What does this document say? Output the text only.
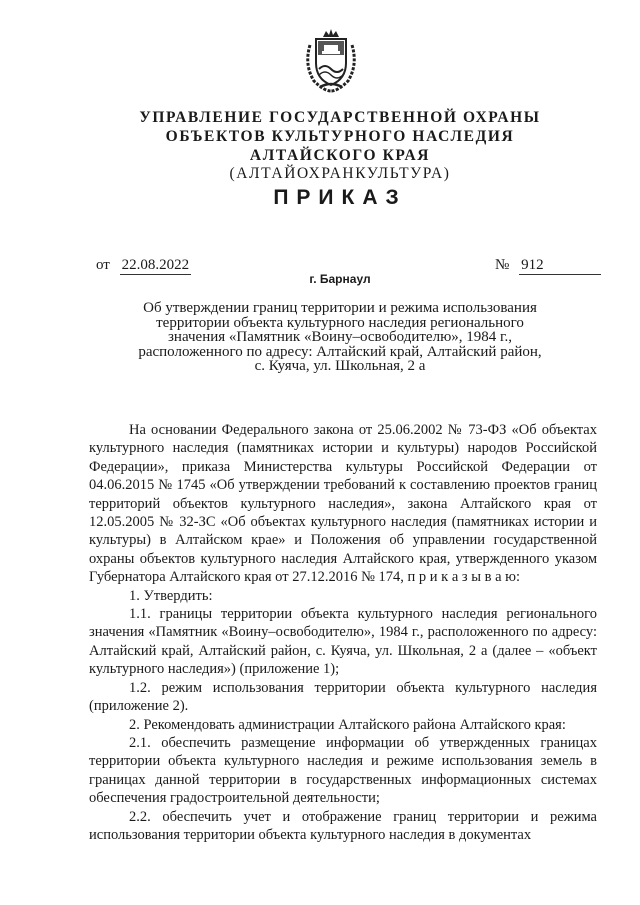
УПРАВЛЕНИЕ ГОСУДАРСТВЕННОЙ ОХРАНЫ
ОБЪЕКТОВ КУЛЬТУРНОГО НАСЛЕДИЯ
АЛТАЙСКОГО КРАЯ
(АЛТАЙОХРАНКУЛЬТУРА)
ПРИКАЗ
от 22.08.2022	№ 912
г. Барнаул
Об утверждении границ территории и режима использования
территории объекта культурного наследия регионального
значения «Памятник «Воину–освободителю», 1984 г.,
расположенного по адресу: Алтайский край, Алтайский район,
с. Куяча, ул. Школьная, 2 а

На основании Федерального закона от 25.06.2002 № 73-ФЗ «Об объектах культурного наследия (памятниках истории и культуры) народов Российской Федерации», приказа Министерства культуры Российской Федерации от 04.06.2015 № 1745 «Об утверждении требований к составлению проектов границ территорий объектов культурного наследия», закона Алтайского края от 12.05.2005 № 32-ЗС «Об объектах культурного наследия (памятниках истории и культуры) в Алтайском крае» и Положения об управлении государственной охраны объектов культурного наследия Алтайского края, утвержденного указом Губернатора Алтайского края от 27.12.2016 № 174, п р и к а з ы в а ю:

1. Утвердить:

1.1. границы территории объекта культурного наследия регионального значения «Памятник «Воину–освободителю», 1984 г., расположенного по адресу: Алтайский край, Алтайский район, с. Куяча, ул. Школьная, 2 а (далее – «объект культурного наследия») (приложение 1);

1.2. режим использования территории объекта культурного наследия (приложение 2).

2. Рекомендовать администрации Алтайского района Алтайского края:

2.1. обеспечить размещение информации об утвержденных границах территории объекта культурного наследия и режиме использования земель в границах данной территории в государственных информационных системах обеспечения градостроительной деятельности;

2.2. обеспечить учет и отображение границ территории и режима использования территории объекта культурного наследия в документах
